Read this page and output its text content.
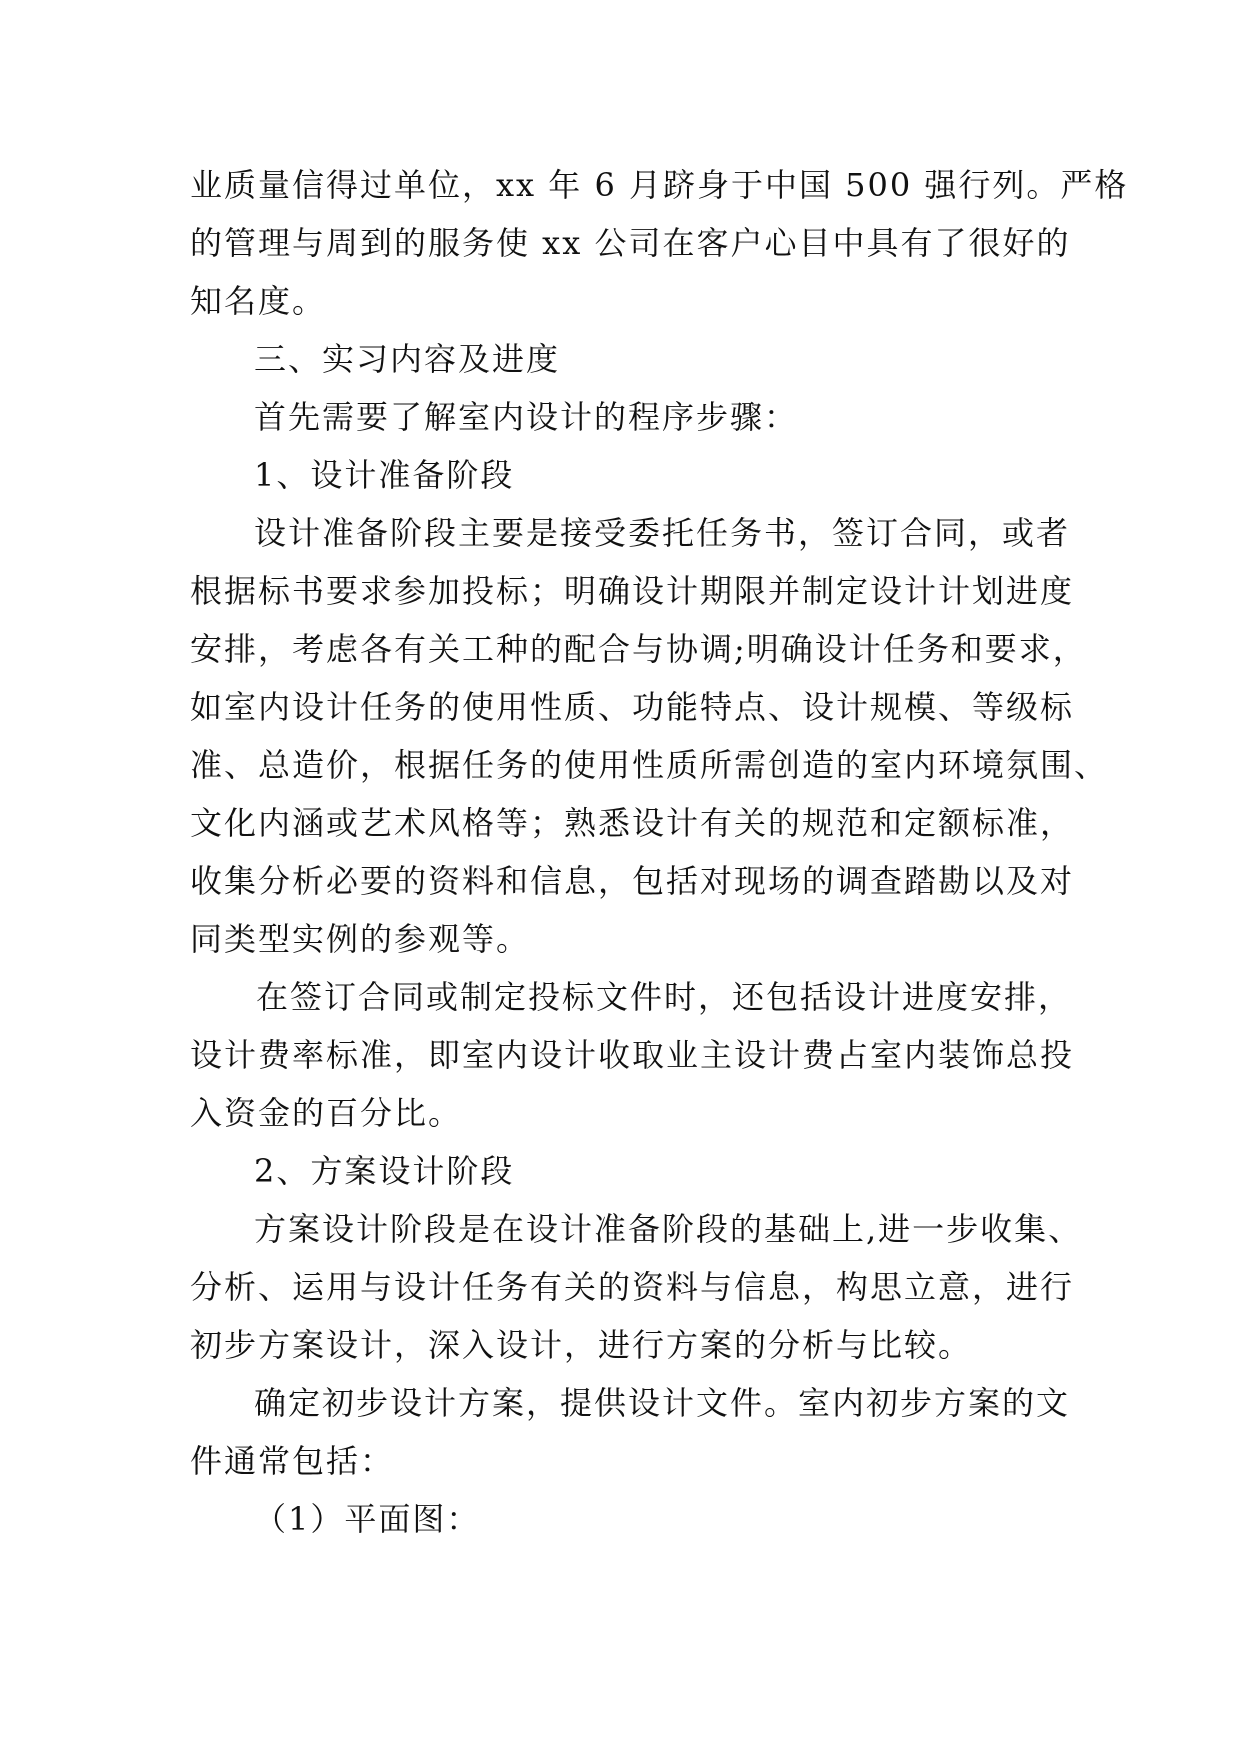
业质量信得过单位，xx 年 6 月跻身于中国 500 强行列。严格
的管理与周到的服务使 xx 公司在客户心目中具有了很好的
知名度。
三、实习内容及进度
首先需要了解室内设计的程序步骤：
1、设计准备阶段
设计准备阶段主要是接受委托任务书，签订合同，或者
根据标书要求参加投标；明确设计期限并制定设计计划进度
安排，考虑各有关工种的配合与协调;明确设计任务和要求，
如室内设计任务的使用性质、功能特点、设计规模、等级标
准、总造价，根据任务的使用性质所需创造的室内环境氛围、
文化内涵或艺术风格等；熟悉设计有关的规范和定额标准，
收集分析必要的资料和信息，包括对现场的调查踏勘以及对
同类型实例的参观等。
在签订合同或制定投标文件时，还包括设计进度安排，
设计费率标准，即室内设计收取业主设计费占室内装饰总投
入资金的百分比。
2、方案设计阶段
方案设计阶段是在设计准备阶段的基础上,进一步收集、
分析、运用与设计任务有关的资料与信息，构思立意，进行
初步方案设计，深入设计，进行方案的分析与比较。
确定初步设计方案，提供设计文件。室内初步方案的文
件通常包括：
（1）平面图：
